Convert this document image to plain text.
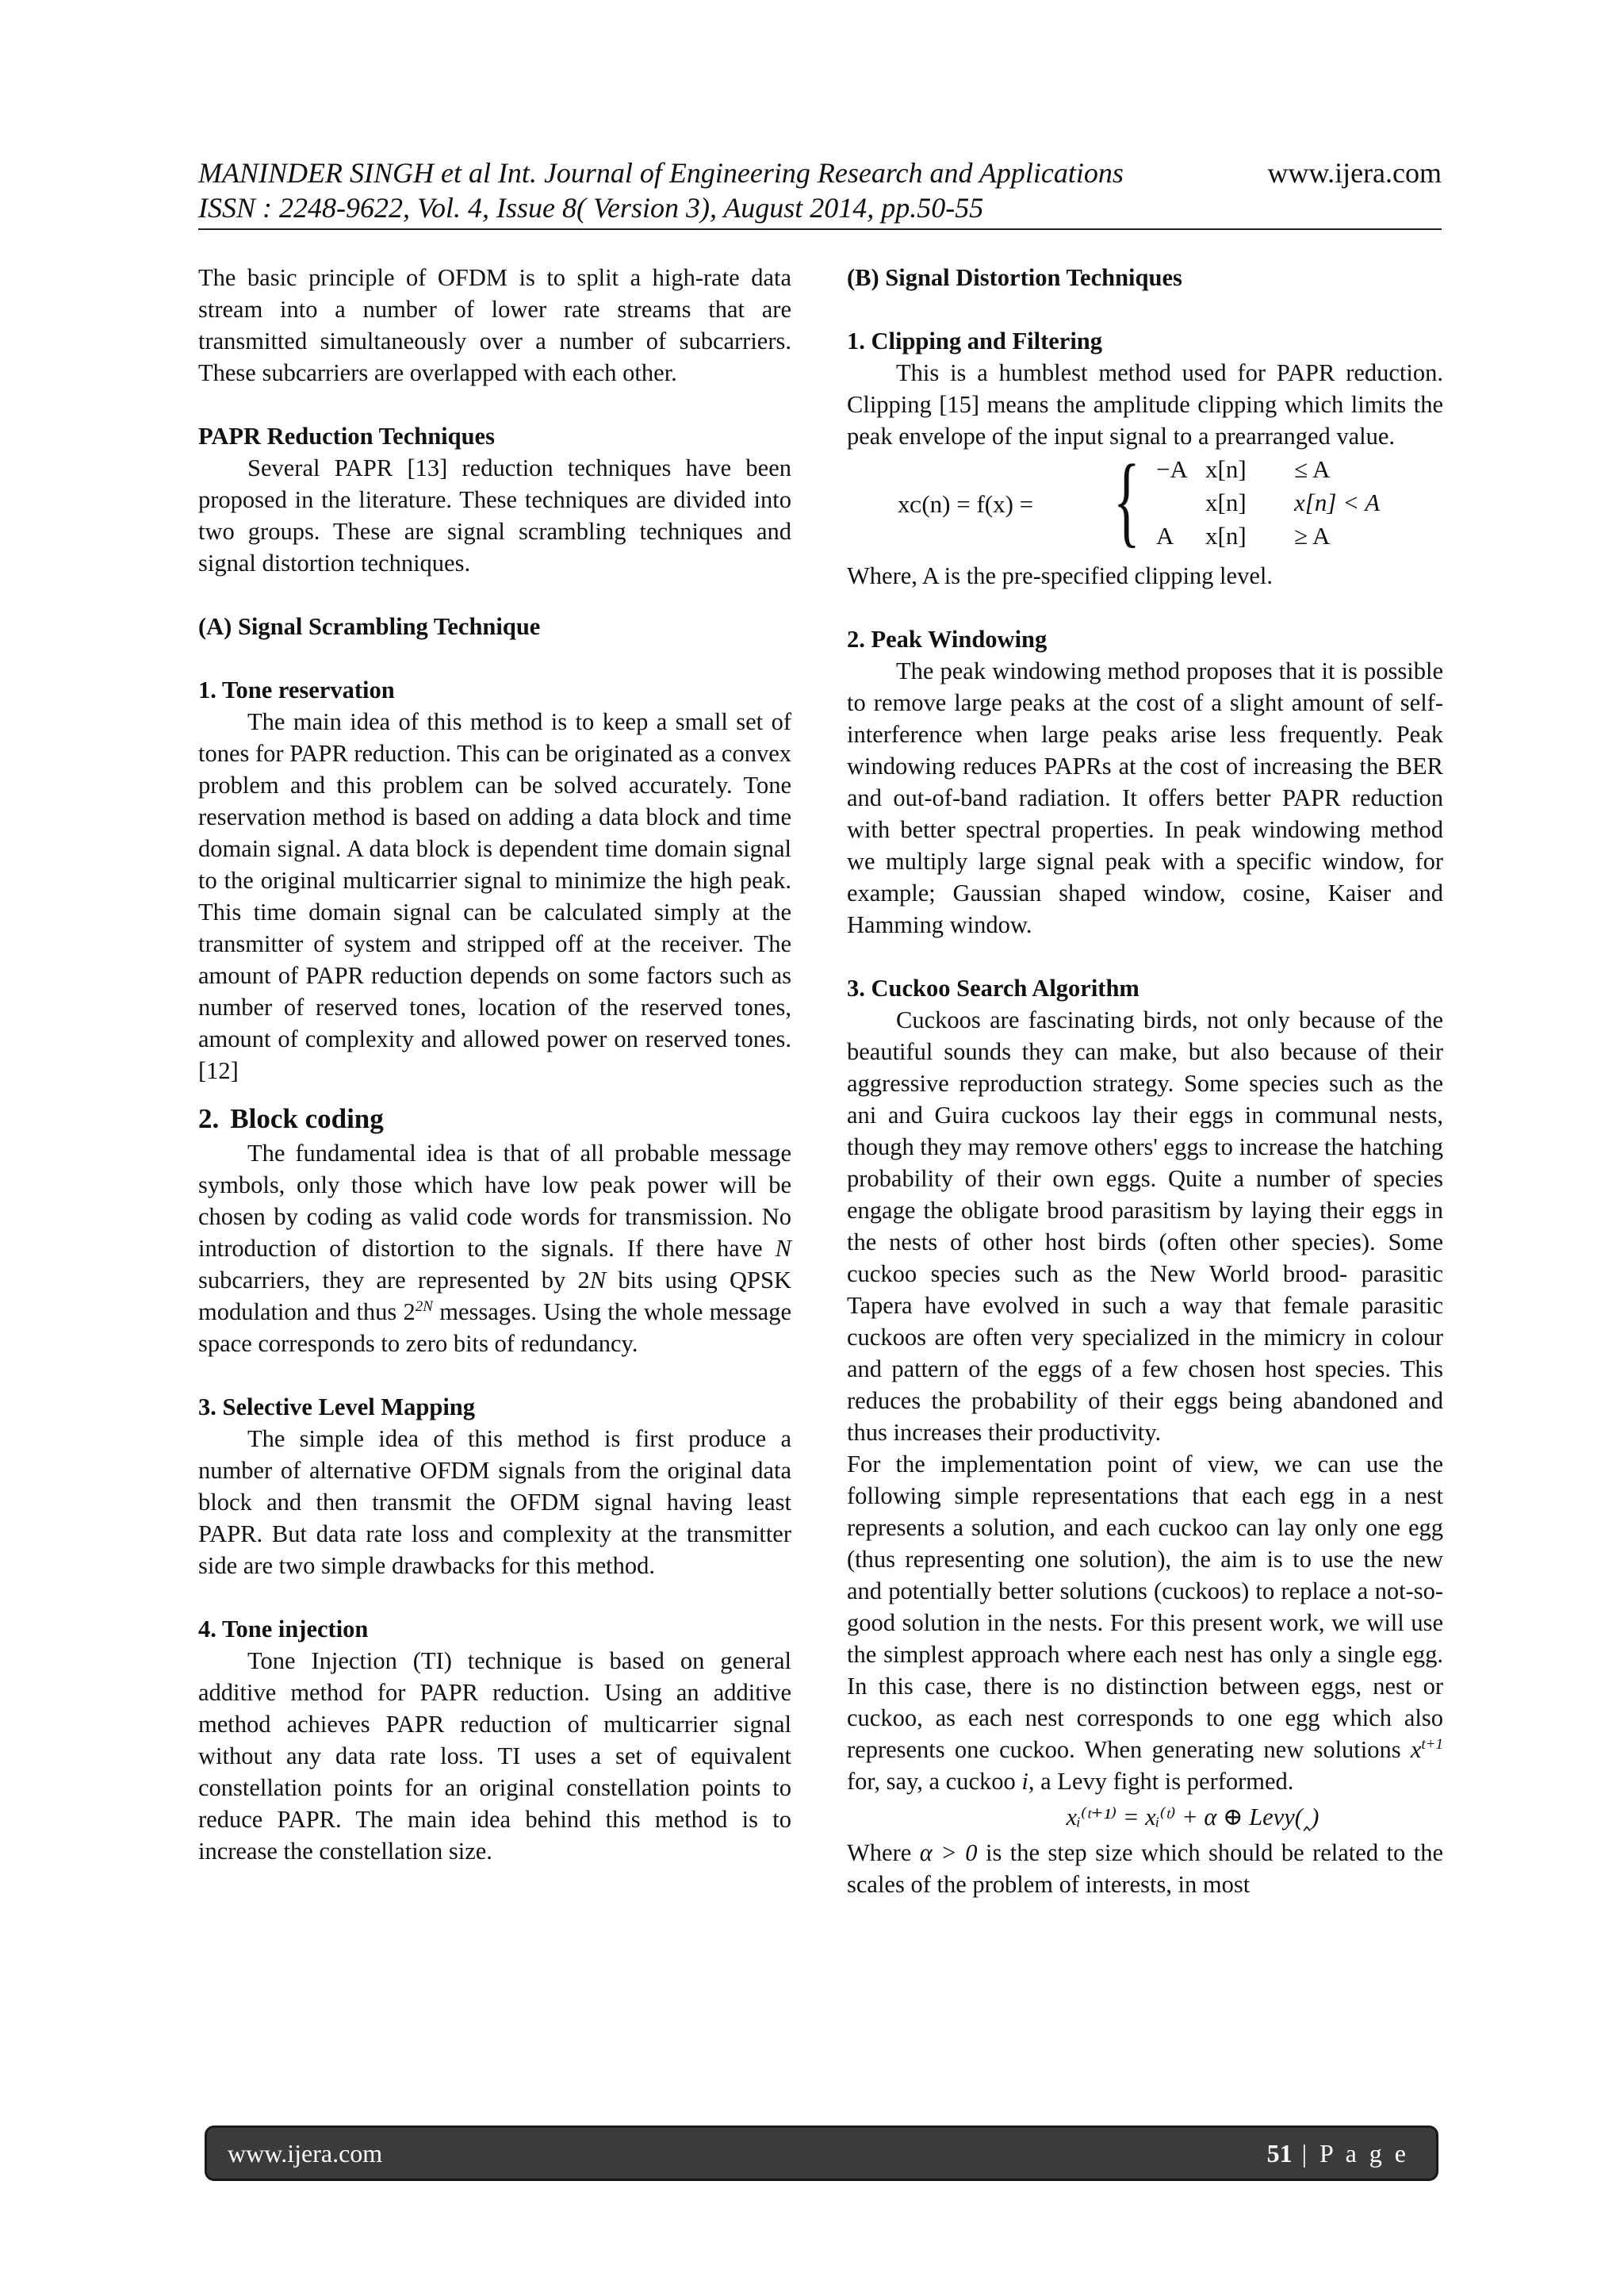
MANINDER SINGH et al Int. Journal of Engineering Research and Applications	www.ijera.com
ISSN : 2248-9622, Vol. 4, Issue 8( Version 3), August 2014, pp.50-55

The basic principle of OFDM is to split a high-rate data stream into a number of lower rate streams that are transmitted simultaneously over a number of subcarriers. These subcarriers are overlapped with each other.

PAPR Reduction Techniques

Several PAPR [13] reduction techniques have been proposed in the literature. These techniques are divided into two groups. These are signal scrambling techniques and signal distortion techniques.

(A) Signal Scrambling Technique

1. Tone reservation

The main idea of this method is to keep a small set of tones for PAPR reduction. This can be originated as a convex problem and this problem can be solved accurately. Tone reservation method is based on adding a data block and time domain signal. A data block is dependent time domain signal to the original multicarrier signal to minimize the high peak. This time domain signal can be calculated simply at the transmitter of system and stripped off at the receiver. The amount of PAPR reduction depends on some factors such as number of reserved tones, location of the reserved tones, amount of complexity and allowed power on reserved tones.[12]

2. Block coding

The fundamental idea is that of all probable message symbols, only those which have low peak power will be chosen by coding as valid code words for transmission. No introduction of distortion to the signals. If there have N subcarriers, they are represented by 2N bits using QPSK modulation and thus $2^{2N}$ messages. Using the whole message space corresponds to zero bits of redundancy.

3. Selective Level Mapping

The simple idea of this method is first produce a number of alternative OFDM signals from the original data block and then transmit the OFDM signal having least PAPR. But data rate loss and complexity at the transmitter side are two simple drawbacks for this method.

4. Tone injection

Tone Injection (TI) technique is based on general additive method for PAPR reduction. Using an additive method achieves PAPR reduction of multicarrier signal without any data rate loss. TI uses a set of equivalent constellation points for an original constellation points to reduce PAPR. The main idea behind this method is to increase the constellation size.

(B) Signal Distortion Techniques

1. Clipping and Filtering

This is a humblest method used for PAPR reduction. Clipping [15] means the amplitude clipping which limits the peak envelope of the input signal to a prearranged value.

xᴄ(n) = f(x) = { −A x[n] ≤ A
x[n] x[n] < A
A x[n] ≥ A

Where, A is the pre-specified clipping level.

2. Peak Windowing

The peak windowing method proposes that it is possible to remove large peaks at the cost of a slight amount of self-interference when large peaks arise less frequently. Peak windowing reduces PAPRs at the cost of increasing the BER and out-of-band radiation. It offers better PAPR reduction with better spectral properties. In peak windowing method we multiply large signal peak with a specific window, for example; Gaussian shaped window, cosine, Kaiser and Hamming window.

3. Cuckoo Search Algorithm

Cuckoos are fascinating birds, not only because of the beautiful sounds they can make, but also because of their aggressive reproduction strategy. Some species such as the ani and Guira cuckoos lay their eggs in communal nests, though they may remove others' eggs to increase the hatching probability of their own eggs. Quite a number of species engage the obligate brood parasitism by laying their eggs in the nests of other host birds (often other species). Some cuckoo species such as the New World brood- parasitic Tapera have evolved in such a way that female parasitic cuckoos are often very specialized in the mimicry in colour and pattern of the eggs of a few chosen host species. This reduces the probability of their eggs being abandoned and thus increases their productivity.

For the implementation point of view, we can use the following simple representations that each egg in a nest represents a solution, and each cuckoo can lay only one egg (thus representing one solution), the aim is to use the new and potentially better solutions (cuckoos) to replace a not-so-good solution in the nests. For this present work, we will use the simplest approach where each nest has only a single egg. In this case, there is no distinction between eggs, nest or cuckoo, as each nest corresponds to one egg which also represents one cuckoo. When generating new solutions $x^{t+1}$ for, say, a cuckoo i, a Levy fight is performed.

xᵢ⁽ᵗ⁺¹⁾ = xᵢ⁽ᵗ⁾ + α ⊕ Levy(‸)

Where α > 0 is the step size which should be related to the scales of the problem of interests, in most

www.ijera.com	51 | P a g e
